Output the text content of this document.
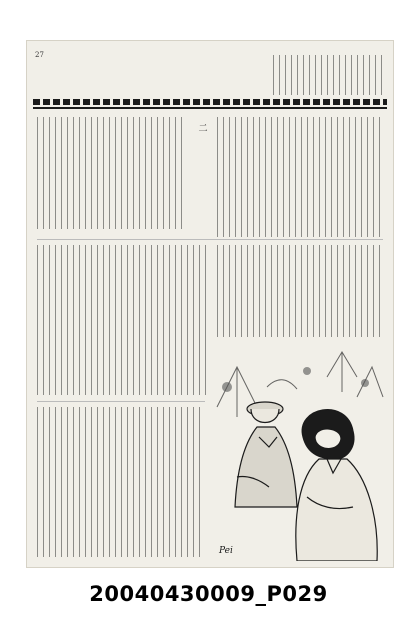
27
二
Pei
20040430009_P029
